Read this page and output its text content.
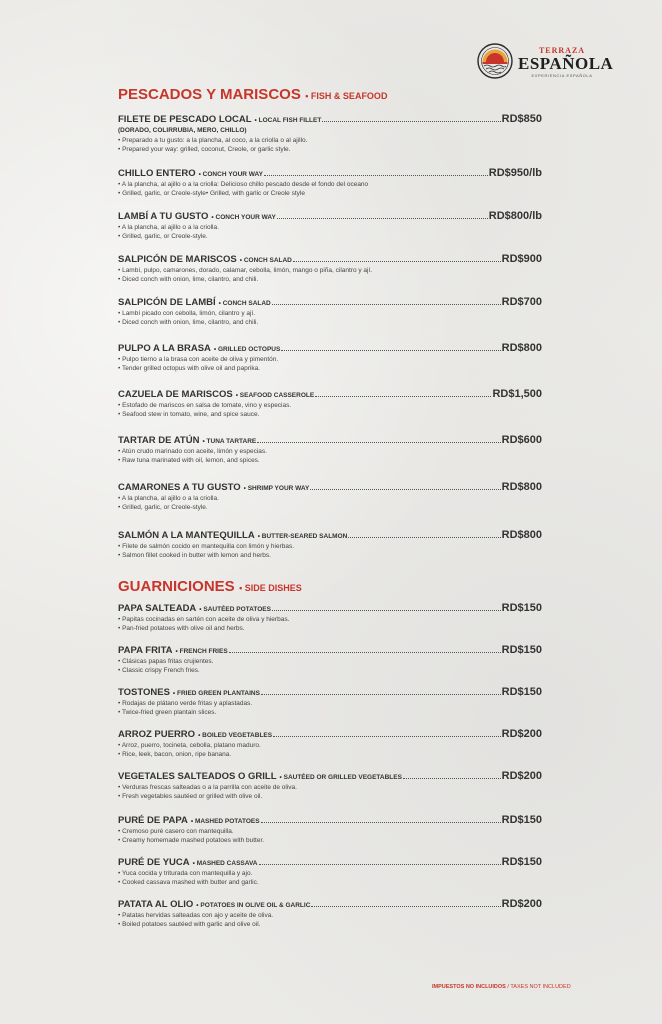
TERRAZA
ESPAÑOLA
EXPERIENCIA ESPAÑOLA
PESCADOS Y MARISCOS • FISH & SEAFOOD
FILETE DE PESCADO LOCAL • LOCAL FISH FILLET	RD$850
(DORADO, COLIRRUBIA, MERO, CHILLO)
• Preparado a tu gusto: a la plancha, al coco, a la criolla o al ajillo.
• Prepared your way: grilled, coconut, Creole, or garlic style.
CHILLO ENTERO • CONCH YOUR WAY	RD$950/lb
• A la plancha, al ajillo o a la criolla: Delicioso chillo pescado desde el fondo del oceano
• Grilled, garlic, or Creole-style• Grilled, with garlic or Creole style
LAMBÍ A TU GUSTO • CONCH YOUR WAY	RD$800/lb
• A la plancha, al ajillo o a la criolla.
• Grilled, garlic, or Creole-style.
SALPICÓN DE MARISCOS • CONCH SALAD	RD$900
• Lambí, pulpo, camarones, dorado, calamar, cebolla, limón, mango o piña, cilantro y ají.
• Diced conch with onion, lime, cilantro, and chili.
SALPICÓN DE LAMBÍ • CONCH SALAD	RD$700
• Lambí picado con cebolla, limón, cilantro y ají.
• Diced conch with onion, lime, cilantro, and chili.
PULPO A LA BRASA • GRILLED OCTOPUS	RD$800
• Pulpo tierno a la brasa con aceite de oliva y pimentón.
• Tender grilled octopus with olive oil and paprika.
CAZUELA DE MARISCOS • SEAFOOD CASSEROLE	RD$1,500
• Estofado de mariscos en salsa de tomate, vino y especias.
• Seafood stew in tomato, wine, and spice sauce.
TARTAR DE ATÚN • TUNA TARTARE	RD$600
• Atún crudo marinado con aceite, limón y especias.
• Raw tuna marinated with oil, lemon, and spices.
CAMARONES A TU GUSTO • SHRIMP YOUR WAY	RD$800
• A la plancha, al ajillo o a la criolla.
• Grilled, garlic, or Creole-style.
SALMÓN A LA MANTEQUILLA • BUTTER-SEARED SALMON	RD$800
• Filete de salmón cocido en mantequilla con limón y hierbas.
• Salmon fillet cooked in butter with lemon and herbs.
GUARNICIONES • SIDE DISHES
PAPA SALTEADA • SAUTÉED POTATOES	RD$150
• Papitas cocinadas en sartén con aceite de oliva y hierbas.
• Pan-fried potatoes with olive oil and herbs.
PAPA FRITA • FRENCH FRIES	RD$150
• Clásicas papas fritas crujientes.
• Classic crispy French fries.
TOSTONES • FRIED GREEN PLANTAINS	RD$150
• Rodajas de plátano verde fritas y aplastadas.
• Twice-fried green plantain slices.
ARROZ PUERRO • BOILED VEGETABLES	RD$200
• Arroz, puerro, tocineta, cebolla, platano maduro.
• Rice, leek, bacon, onion, ripe banana.
VEGETALES SALTEADOS O GRILL • SAUTÉED OR GRILLED VEGETABLES	RD$200
• Verduras frescas salteadas o a la parrilla con aceite de oliva.
• Fresh vegetables sautéed or grilled with olive oil.
PURÉ DE PAPA • MASHED POTATOES	RD$150
• Cremoso puré casero con mantequilla.
• Creamy homemade mashed potatoes with butter.
PURÉ DE YUCA • MASHED CASSAVA	RD$150
• Yuca cocida y triturada con mantequilla y ajo.
• Cooked cassava mashed with butter and garlic.
PATATA AL OLIO • POTATOES IN OLIVE OIL & GARLIC	RD$200
• Patatas hervidas salteadas con ajo y aceite de oliva.
• Boiled potatoes sautéed with garlic and olive oil.
IMPUESTOS NO INCLUIDOS / TAXES NOT INCLUDED
